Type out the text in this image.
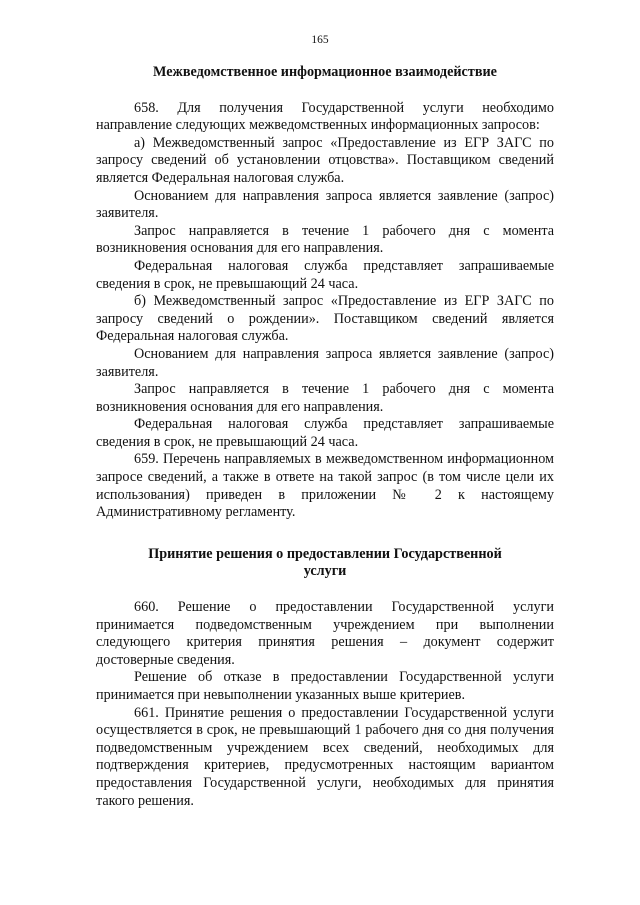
165

Межведомственное информационное взаимодействие

658. Для получения Государственной услуги необходимо направление следующих межведомственных информационных запросов:

а) Межведомственный запрос «Предоставление из ЕГР ЗАГС по запросу сведений об установлении отцовства». Поставщиком сведений является Федеральная налоговая служба.

Основанием для направления запроса является заявление (запрос) заявителя.

Запрос направляется в течение 1 рабочего дня с момента возникновения основания для его направления.

Федеральная налоговая служба представляет запрашиваемые сведения в срок, не превышающий 24 часа.

б) Межведомственный запрос «Предоставление из ЕГР ЗАГС по запросу сведений о рождении». Поставщиком сведений является Федеральная налоговая служба.

Основанием для направления запроса является заявление (запрос) заявителя.

Запрос направляется в течение 1 рабочего дня с момента возникновения основания для его направления.

Федеральная налоговая служба представляет запрашиваемые сведения в срок, не превышающий 24 часа.

659. Перечень направляемых в межведомственном информационном запросе сведений, а также в ответе на такой запрос (в том числе цели их использования) приведен в приложении № 2 к настоящему Административному регламенту.

Принятие решения о предоставлении Государственной услуги

660. Решение о предоставлении Государственной услуги принимается подведомственным учреждением при выполнении следующего критерия принятия решения – документ содержит достоверные сведения.

Решение об отказе в предоставлении Государственной услуги принимается при невыполнении указанных выше критериев.

661. Принятие решения о предоставлении Государственной услуги осуществляется в срок, не превышающий 1 рабочего дня со дня получения подведомственным учреждением всех сведений, необходимых для подтверждения критериев, предусмотренных настоящим вариантом предоставления Государственной услуги, необходимых для принятия такого решения.
